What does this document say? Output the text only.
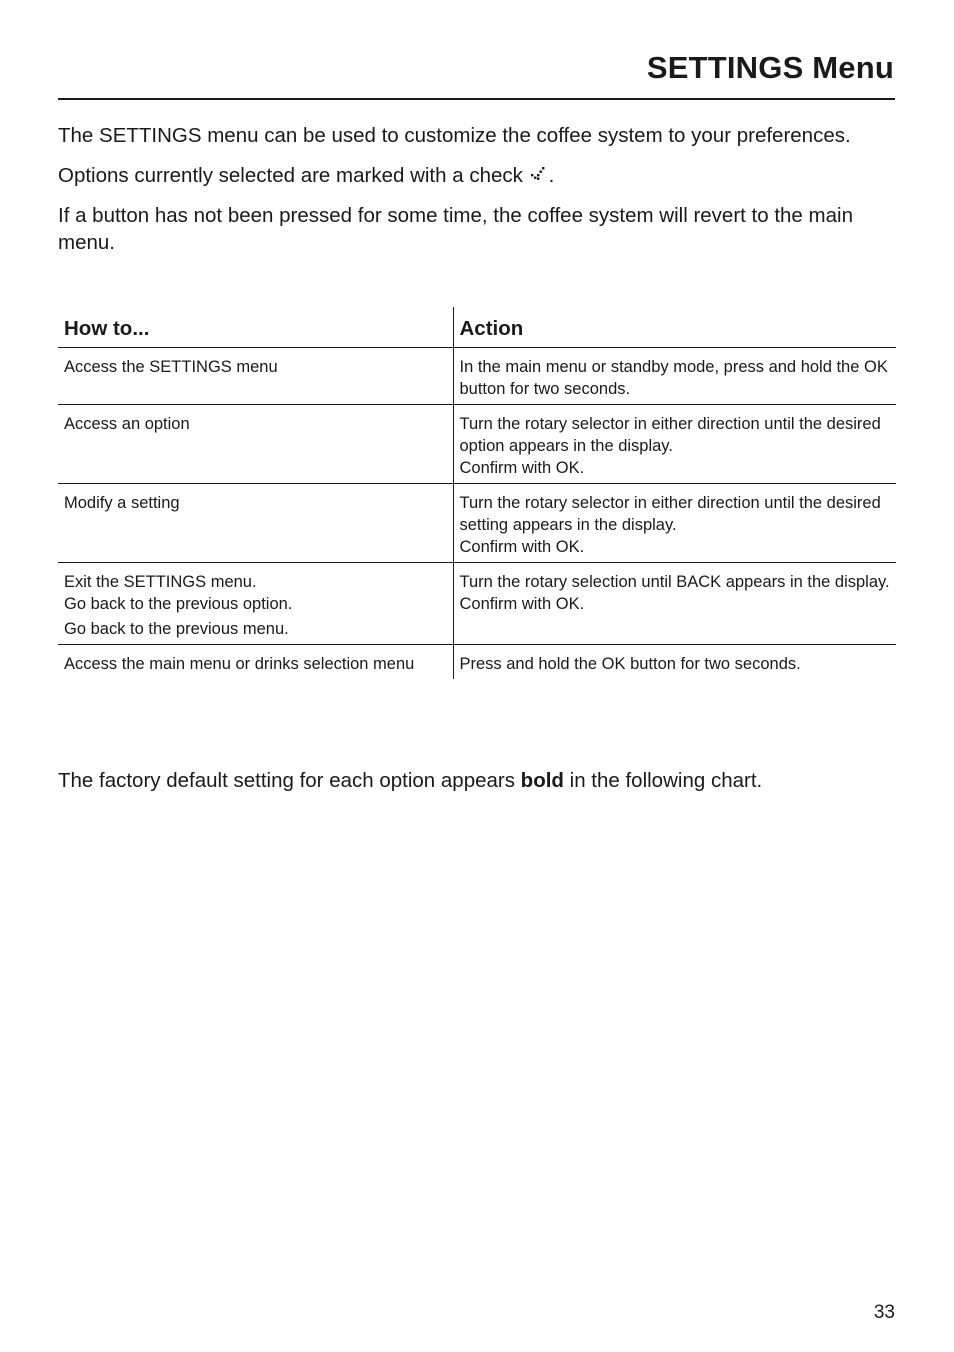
SETTINGS Menu

The SETTINGS menu can be used to customize the coffee system to your preferences.

Options currently selected are marked with a check .

If a button has not been pressed for some time, the coffee system will revert to the main menu.

How to...	Action

Access the SETTINGS menu	In the main menu or standby mode, press and hold the OK button for two seconds.

Access an option	Turn the rotary selector in either direction until the desired option appears in the display.
Confirm with OK.

Modify a setting	Turn the rotary selector in either direction until the desired setting appears in the display.
Confirm with OK.

Exit the SETTINGS menu.
Go back to the previous option.
Go back to the previous menu.	Turn the rotary selection until BACK appears in the display.
Confirm with OK.

Access the main menu or drinks selection menu	Press and hold the OK button for two seconds.

The factory default setting for each option appears bold in the following chart.

33
